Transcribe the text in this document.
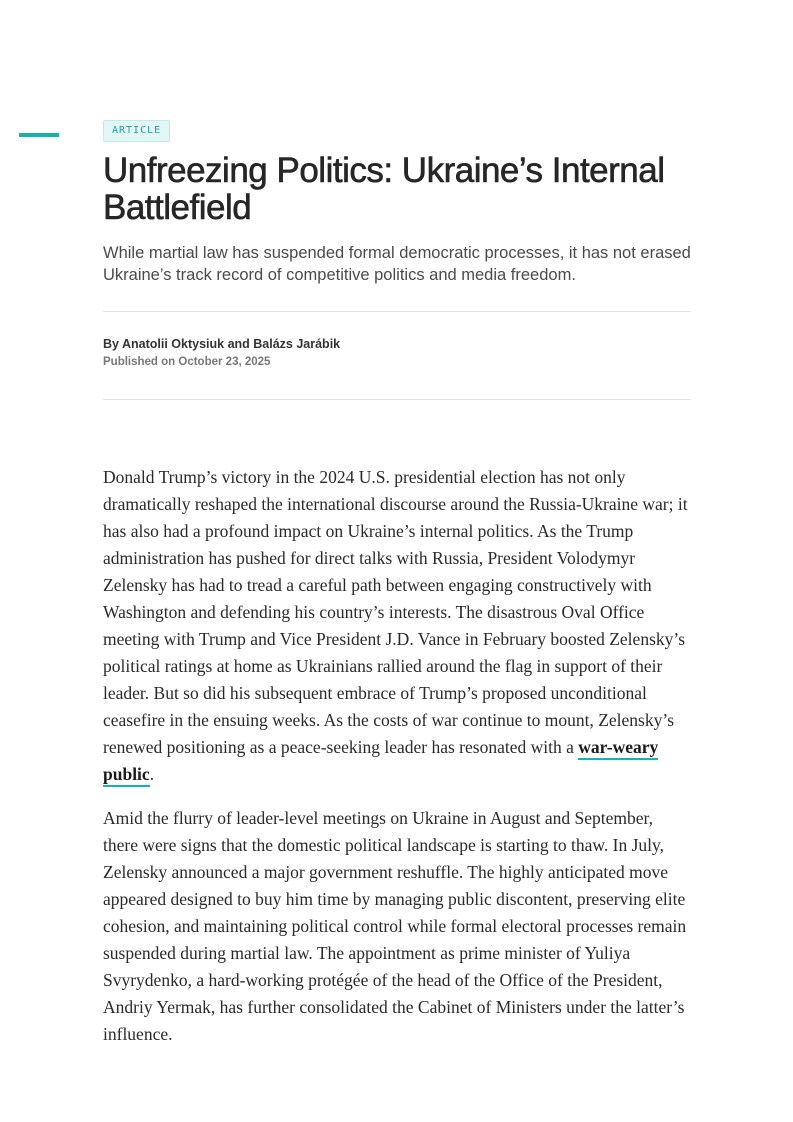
ARTICLE
Unfreezing Politics: Ukraine’s Internal Battlefield

While martial law has suspended formal democratic processes, it has not erased Ukraine’s track record of competitive politics and media freedom.

By Anatolii Oktysiuk and Balázs Jarábik
Published on October 23, 2025

Donald Trump’s victory in the 2024 U.S. presidential election has not only dramatically reshaped the international discourse around the Russia-Ukraine war; it has also had a profound impact on Ukraine’s internal politics. As the Trump administration has pushed for direct talks with Russia, President Volodymyr Zelensky has had to tread a careful path between engaging constructively with Washington and defending his country’s interests. The disastrous Oval Office meeting with Trump and Vice President J.D. Vance in February boosted Zelensky’s political ratings at home as Ukrainians rallied around the flag in support of their leader. But so did his subsequent embrace of Trump’s proposed unconditional ceasefire in the ensuing weeks. As the costs of war continue to mount, Zelensky’s renewed positioning as a peace-seeking leader has resonated with a war-weary public.

Amid the flurry of leader-level meetings on Ukraine in August and September, there were signs that the domestic political landscape is starting to thaw. In July, Zelensky announced a major government reshuffle. The highly anticipated move appeared designed to buy him time by managing public discontent, preserving elite cohesion, and maintaining political control while formal electoral processes remain suspended during martial law. The appointment as prime minister of Yuliya Svyrydenko, a hard-working protégée of the head of the Office of the President, Andriy Yermak, has further consolidated the Cabinet of Ministers under the latter’s influence.
